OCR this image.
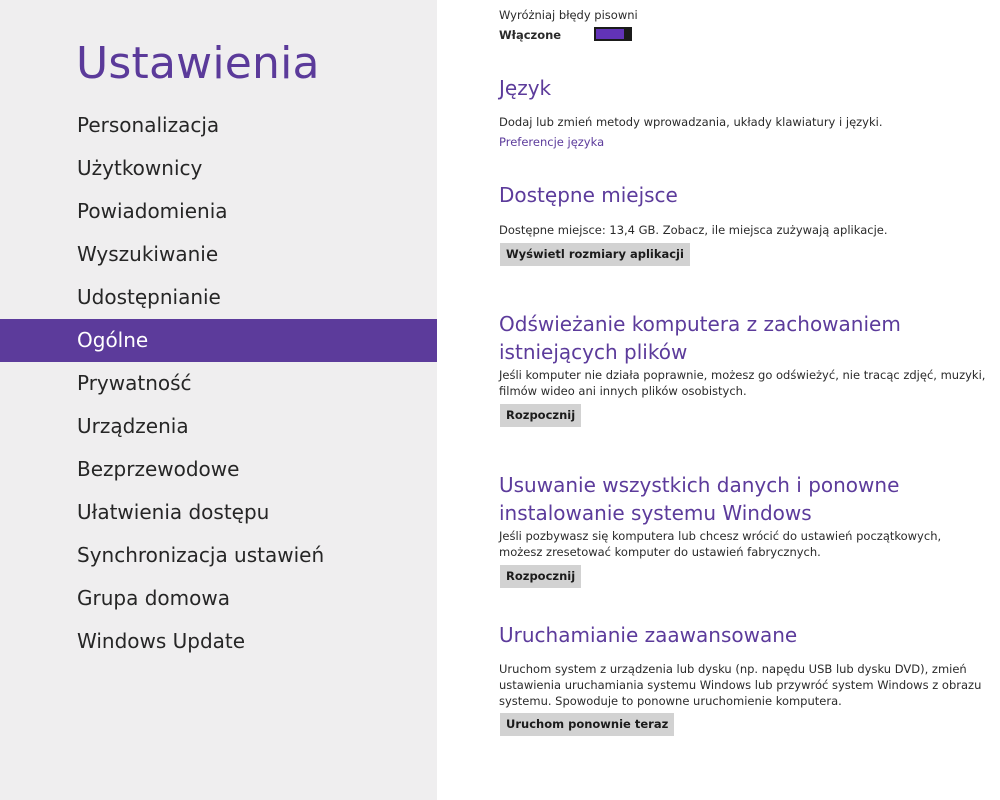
Ustawienia
Personalizacja
Użytkownicy
Powiadomienia
Wyszukiwanie
Udostępnianie
Ogólne
Prywatność
Urządzenia
Bezprzewodowe
Ułatwienia dostępu
Synchronizacja ustawień
Grupa domowa
Windows Update
Wyróżniaj błędy pisowni
Włączone
Język
Dodaj lub zmień metody wprowadzania, układy klawiatury i języki.
Preferencje języka
Dostępne miejsce
Dostępne miejsce: 13,4 GB. Zobacz, ile miejsca zużywają aplikacje.
Wyświetl rozmiary aplikacji
Odświeżanie komputera z zachowaniem
istniejących plików
Jeśli komputer nie działa poprawnie, możesz go odświeżyć, nie tracąc zdjęć, muzyki,
filmów wideo ani innych plików osobistych.
Rozpocznij
Usuwanie wszystkich danych i ponowne
instalowanie systemu Windows
Jeśli pozbywasz się komputera lub chcesz wrócić do ustawień początkowych,
możesz zresetować komputer do ustawień fabrycznych.
Rozpocznij
Uruchamianie zaawansowane
Uruchom system z urządzenia lub dysku (np. napędu USB lub dysku DVD), zmień
ustawienia uruchamiania systemu Windows lub przywróć system Windows z obrazu
systemu. Spowoduje to ponowne uruchomienie komputera.
Uruchom ponownie teraz
